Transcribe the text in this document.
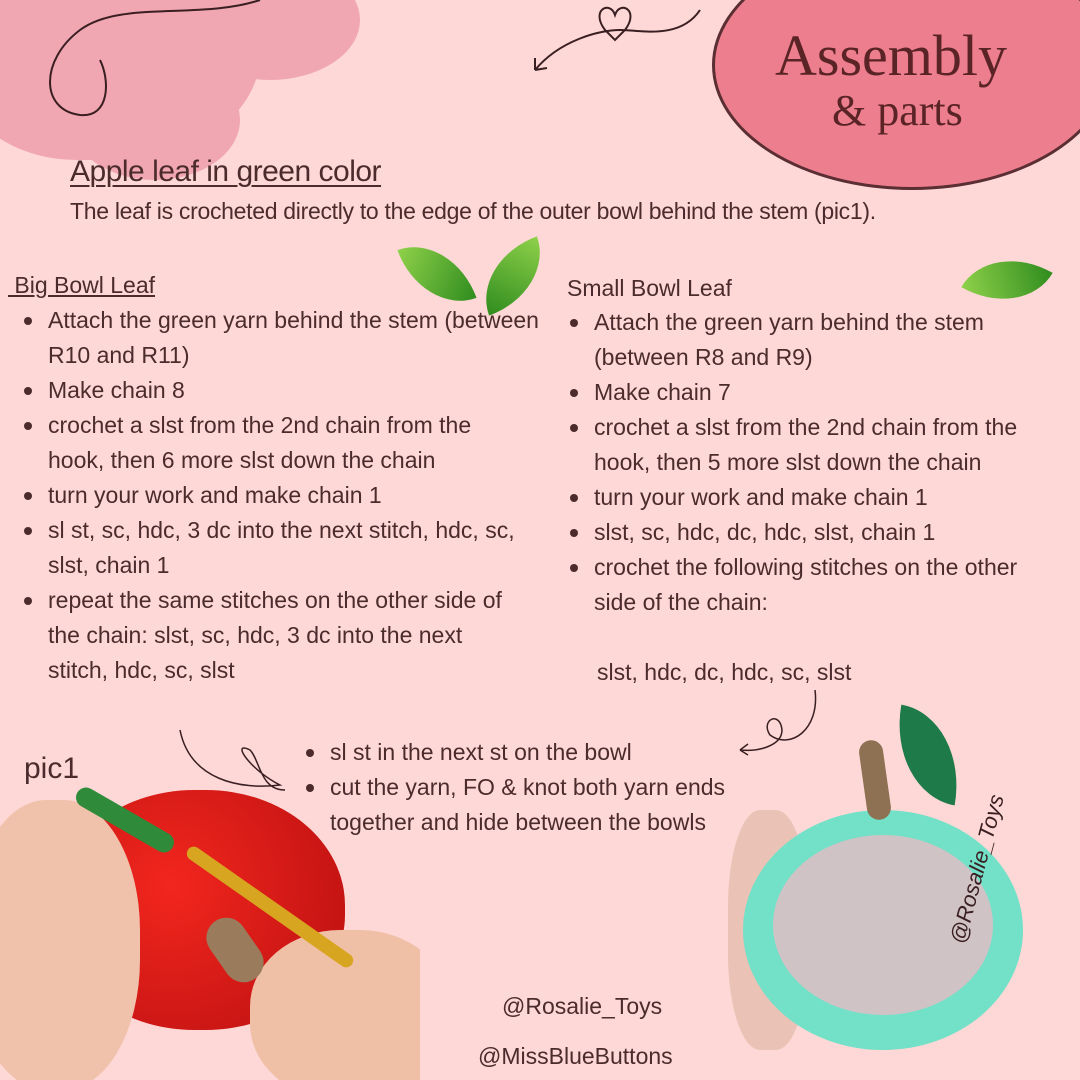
Assembly
& parts
Apple leaf in green color
The leaf is crocheted directly to the edge of the outer bowl behind the stem (pic1).
Big Bowl Leaf
Attach the green yarn behind the stem (between R10 and R11)
Make chain 8
crochet a slst from the 2nd chain from the hook, then 6 more slst down the chain
turn your work and make chain 1
sl st, sc, hdc, 3 dc into the next stitch, hdc, sc, slst, chain 1
repeat the same stitches on the other side of the chain: slst, sc, hdc, 3 dc into the next stitch, hdc, sc, slst
Small Bowl Leaf
Attach the green yarn behind the stem (between R8 and R9)
Make chain 7
crochet a slst from the 2nd chain from the hook, then 5 more slst down the chain
turn your work and make chain 1
slst, sc, hdc, dc, hdc, slst, chain 1
crochet the following stitches on the other side of the chain:
slst, hdc, dc, hdc, sc, slst
sl st in the next st on the bowl
cut the yarn, FO & knot both yarn ends together and hide between the bowls
pic1
@Rosalie_Toys
@Rosalie_Toys
@MissBlueButtons
